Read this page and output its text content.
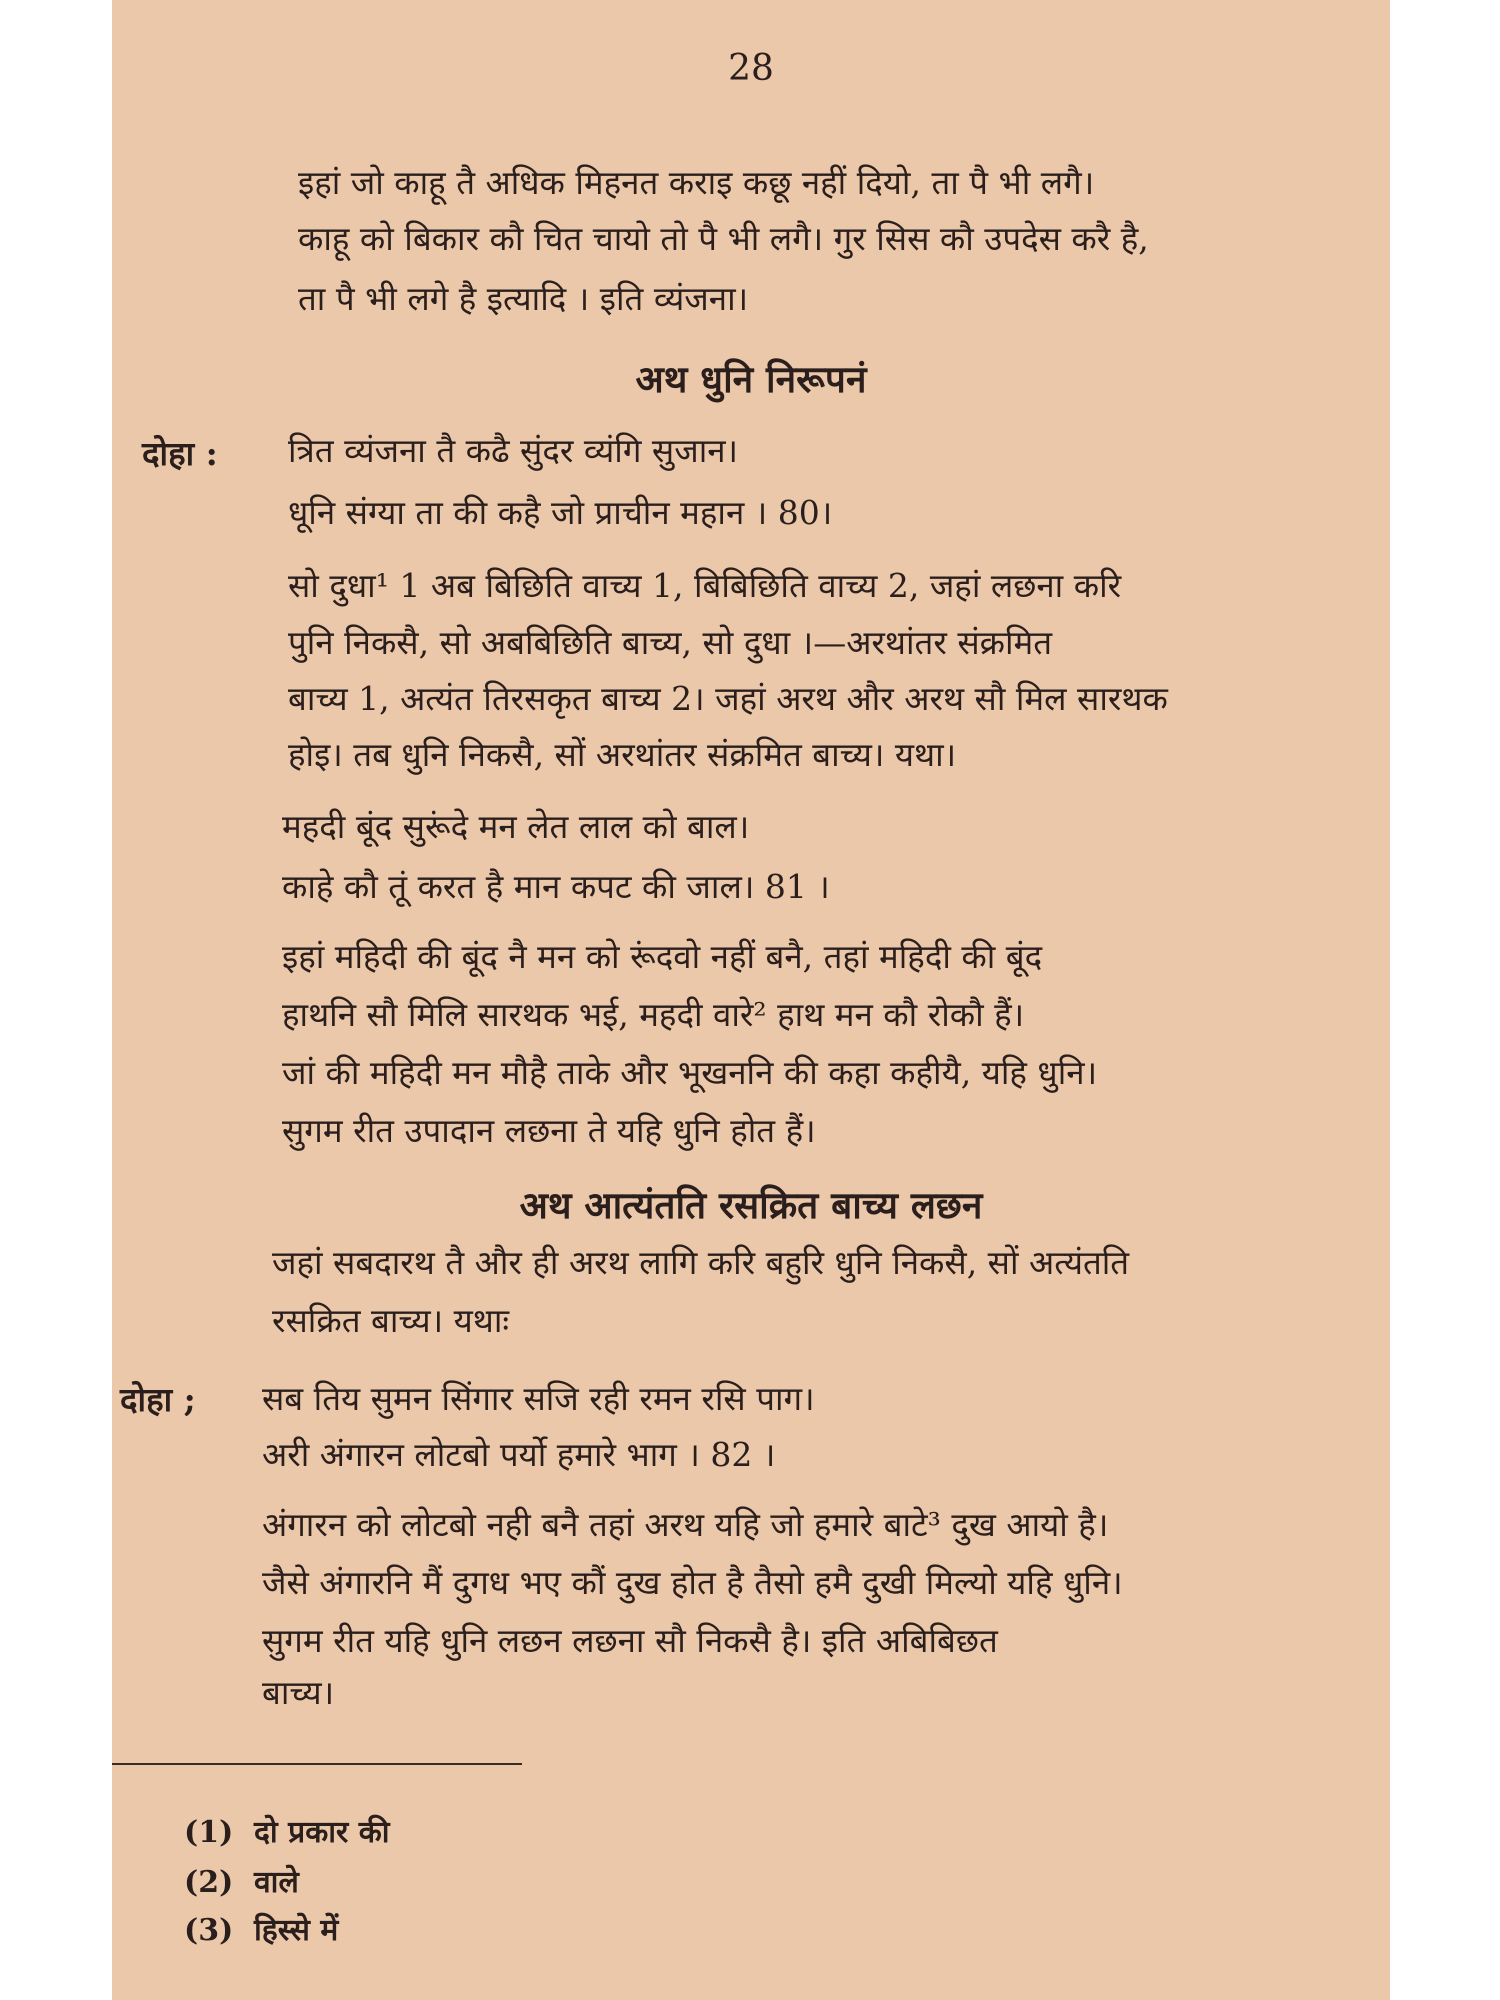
28
इहां जो काहू तै अधिक मिहनत कराइ कछू नहीं दियो, ता पै भी लगै।
काहू को बिकार कौ चित चायो तो पै भी लगै। गुर सिस कौ उपदेस करै है,
ता पै भी लगे है इत्यादि । इति व्यंजना।
अथ धुनि निरूपनं
दोहा : त्रित व्यंजना तै कढै सुंदर व्यंगि सुजान।
धूनि संग्या ता की कहै जो प्राचीन महान । 80।
सो दुधा¹ 1 अब बिछिति वाच्य 1, बिबिछिति वाच्य 2, जहां लछना करि
पुनि निकसै, सो अबबिछिति बाच्य, सो दुधा ।—अरथांतर संक्रमित
बाच्य 1, अत्यंत तिरसकृत बाच्य 2। जहां अरथ और अरथ सौ मिल सारथक
होइ। तब धुनि निकसै, सों अरथांतर संक्रमित बाच्य। यथा।
महदी बूंद सुरूंदे मन लेत लाल को बाल।
काहे कौ तूं करत है मान कपट की जाल। 81 ।
इहां महिदी की बूंद नै मन को रूंदवो नहीं बनै, तहां महिदी की बूंद
हाथनि सौ मिलि सारथक भई, महदी वारे² हाथ मन कौ रोकौ हैं।
जां की महिदी मन मौहै ताके और भूखननि की कहा कहीयै, यहि धुनि।
सुगम रीत उपादान लछना ते यहि धुनि होत हैं।
अथ आत्यंतति रसक्रित बाच्य लछन
जहां सबदारथ तै और ही अरथ लागि करि बहुरि धुनि निकसै, सों अत्यंतति
रसक्रित बाच्य। यथाः
दोहा ; सब तिय सुमन सिंगार सजि रही रमन रसि पाग।
अरी अंगारन लोटबो पर्यो हमारे भाग । 82 ।
अंगारन को लोटबो नही बनै तहां अरथ यहि जो हमारे बाटे³ दुख आयो है।
जैसे अंगारनि मैं दुगध भए कौं दुख होत है तैसो हमै दुखी मिल्यो यहि धुनि।
सुगम रीत यहि धुनि लछन लछना सौ निकसै है। इति अबिबिछत
बाच्य।
(1) दो प्रकार की
(2) वाले
(3) हिस्से में
